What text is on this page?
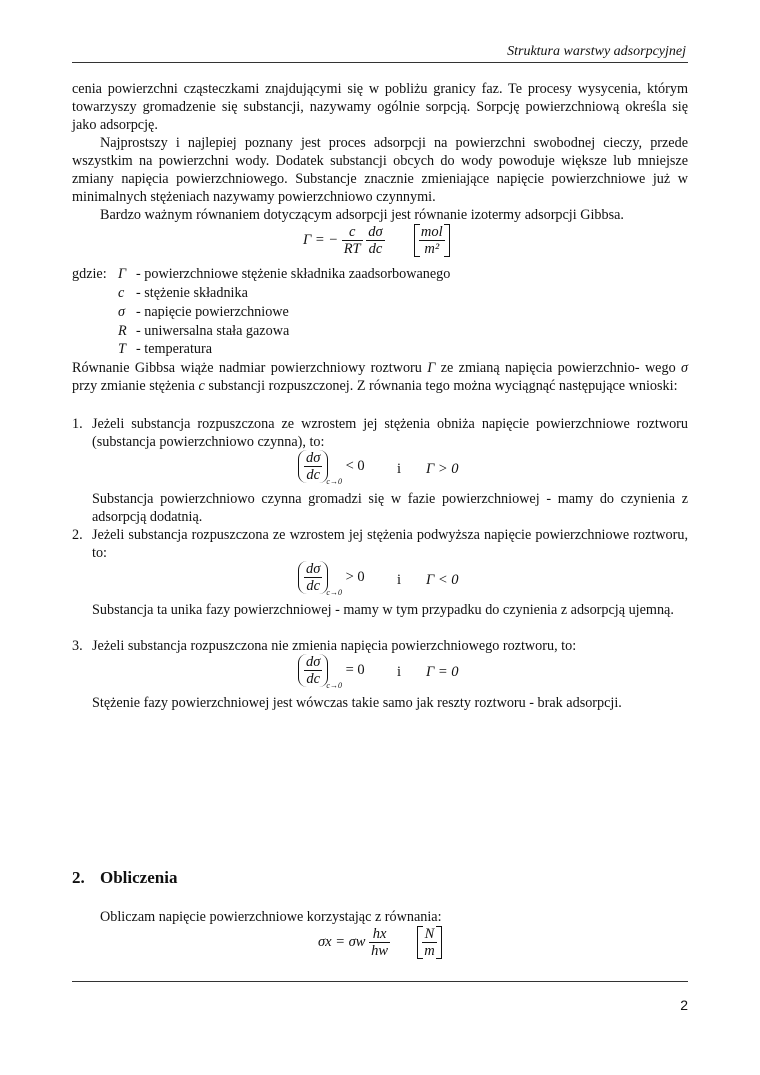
Struktura warstwy adsorpcyjnej

cenia powierzchni cząsteczkami znajdującymi się w pobliżu granicy faz. Te procesy wysycenia, którym towarzyszy gromadzenie się substancji, nazywamy ogólnie sorpcją. Sorpcję powierzchniową określa się jako adsorpcję.

Najprostszy i najlepiej poznany jest proces adsorpcji na powierzchni swobodnej cieczy, przede wszystkim na powierzchni wody. Dodatek substancji obcych do wody powoduje większe lub mniejsze zmiany napięcia powierzchniowego. Substancje znacznie zmieniające napięcie powierzchniowe już w minimalnych stężeniach nazywamy powierzchniowo czynnymi.

Bardzo ważnym równaniem dotyczącym adsorpcji jest równanie izotermy adsorpcji Gibbsa.

Γ = − $\frac{c}{RT}$
$\frac{d\sigma}{dc}$
$\frac{\text{mol}}{\text{m²}}$
gdzie: Γ - powierzchniowe stężenie składnika zaadsorbowanego
c - stężenie składnika
σ - napięcie powierzchniowe
R - uniwersalna stała gazowa
T - temperatura

Równanie Gibbsa wiąże nadmiar powierzchniowy roztworu Γ ze zmianą napięcia powierzchnio- wego σ przy zmianie stężenia c substancji rozpuszczonej. Z równania tego można wyciągnąć następujące wnioski:

1. Jeżeli substancja rozpuszczona ze wzrostem jej stężenia obniża napięcie powierzchniowe roztworu (substancja powierzchniowo czynna), to:

$\frac{d\sigma}{dc} _{c\to 0} < 0$ i Γ > 0

Substancja powierzchniowo czynna gromadzi się w fazie powierzchniowej - mamy do czynienia z adsorpcją dodatnią.

2. Jeżeli substancja rozpuszczona ze wzrostem jej stężenia podwyższa napięcie powierzchniowe roztworu, to:

$\frac{d\sigma}{dc} _{c\to 0} > 0$ i Γ < 0

Substancja ta unika fazy powierzchniowej - mamy w tym przypadku do czynienia z adsorpcją ujemną.

3. Jeżeli substancja rozpuszczona nie zmienia napięcia powierzchniowego roztworu, to:

$\frac{d\sigma}{dc} _{c\to 0} = 0$ i Γ = 0

Stężenie fazy powierzchniowej jest wówczas takie samo jak reszty roztworu - brak adsorpcji.

2. Obliczenia
Obliczam napięcie powierzchniowe korzystając z równania:
σx = σw $\frac{hx}{hw}$
$\frac{N}{m}$
2
